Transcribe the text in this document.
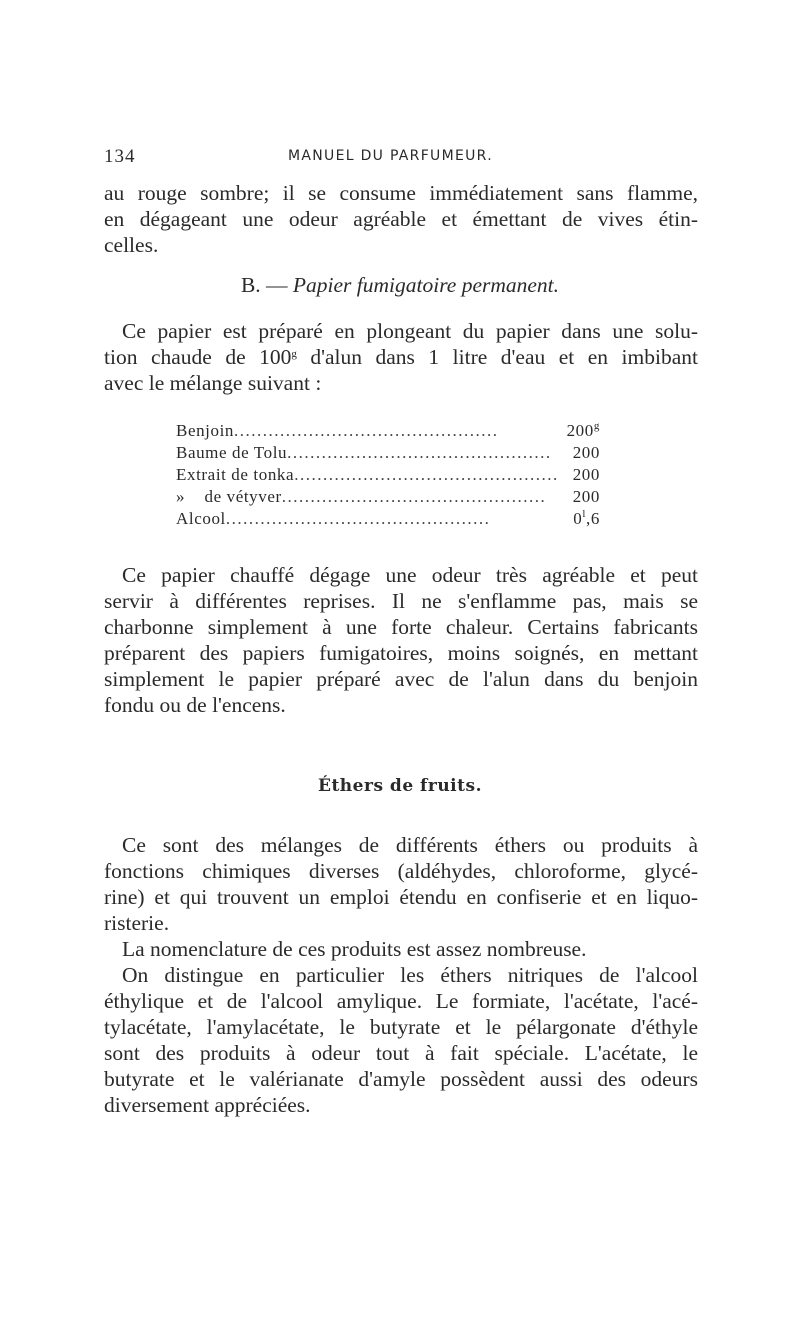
134	MANUEL DU PARFUMEUR.
au rouge sombre; il se consume immédiatement sans flamme,
en dégageant une odeur agréable et émettant de vives étin-
celles.
B. — Papier fumigatoire permanent.
Ce papier est préparé en plongeant du papier dans une solu-
tion chaude de 100$^g$ d'alun dans 1 litre d'eau et en imbibant
avec le mélange suivant :
Benjoin..............................................	200$^g$
Baume de Tolu..............................................	200
Extrait de tonka.............................................. 200
»    de vétyver..............................................	200
Alcool..............................................	0$^l$,6
Ce papier chauffé dégage une odeur très agréable et peut
servir à différentes reprises. Il ne s'enflamme pas, mais se
charbonne simplement à une forte chaleur. Certains fabricants
préparent des papiers fumigatoires, moins soignés, en mettant
simplement le papier préparé avec de l'alun dans du benjoin
fondu ou de l'encens.
Éthers de fruits.
Ce sont des mélanges de différents éthers ou produits à
fonctions chimiques diverses (aldéhydes, chloroforme, glycé-
rine) et qui trouvent un emploi étendu en confiserie et en liquo-
risterie.
La nomenclature de ces produits est assez nombreuse.
On distingue en particulier les éthers nitriques de l'alcool
éthylique et de l'alcool amylique. Le formiate, l'acétate, l'acé-
tylacétate, l'amylacétate, le butyrate et le pélargonate d'éthyle
sont des produits à odeur tout à fait spéciale. L'acétate, le
butyrate et le valérianate d'amyle possèdent aussi des odeurs
diversement appréciées.
